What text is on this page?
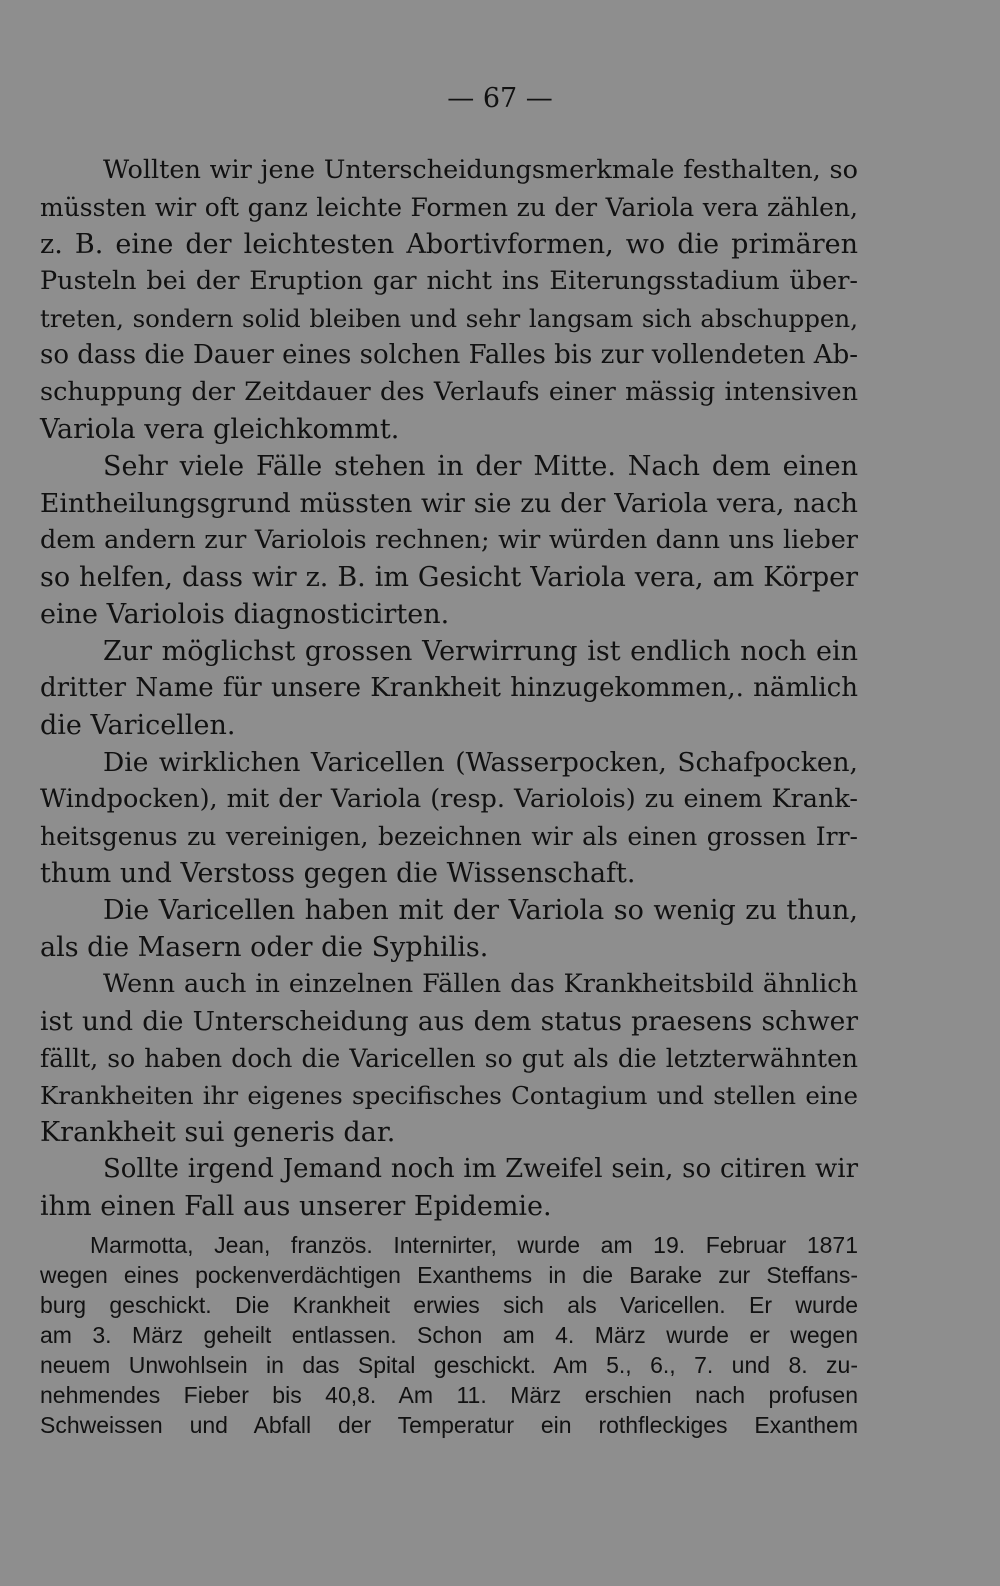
— 67 —
Wollten wir jene Unterscheidungsmerkmale festhalten, so
müssten wir oft ganz leichte Formen zu der Variola vera zählen,
z. B. eine der leichtesten Abortivformen, wo die primären
Pusteln bei der Eruption gar nicht ins Eiterungsstadium über-
treten, sondern solid bleiben und sehr langsam sich abschuppen,
so dass die Dauer eines solchen Falles bis zur vollendeten Ab-
schuppung der Zeitdauer des Verlaufs einer mässig intensiven
Variola vera gleichkommt.
Sehr viele Fälle stehen in der Mitte. Nach dem einen
Eintheilungsgrund müssten wir sie zu der Variola vera, nach
dem andern zur Variolois rechnen; wir würden dann uns lieber
so helfen, dass wir z. B. im Gesicht Variola vera, am Körper
eine Variolois diagnosticirten.
Zur möglichst grossen Verwirrung ist endlich noch ein
dritter Name für unsere Krankheit hinzugekommen,. nämlich
die Varicellen.
Die wirklichen Varicellen (Wasserpocken, Schafpocken,
Windpocken), mit der Variola (resp. Variolois) zu einem Krank-
heitsgenus zu vereinigen, bezeichnen wir als einen grossen Irr-
thum und Verstoss gegen die Wissenschaft.
Die Varicellen haben mit der Variola so wenig zu thun,
als die Masern oder die Syphilis.
Wenn auch in einzelnen Fällen das Krankheitsbild ähnlich
ist und die Unterscheidung aus dem status praesens schwer
fällt, so haben doch die Varicellen so gut als die letzterwähnten
Krankheiten ihr eigenes specifisches Contagium und stellen eine
Krankheit sui generis dar.
Sollte irgend Jemand noch im Zweifel sein, so citiren wir
ihm einen Fall aus unserer Epidemie.
Marmotta, Jean, französ. Internirter, wurde am 19. Februar 1871
wegen eines pockenverdächtigen Exanthems in die Barake zur Steffans-
burg geschickt. Die Krankheit erwies sich als Varicellen. Er wurde
am 3. März geheilt entlassen. Schon am 4. März wurde er wegen
neuem Unwohlsein in das Spital geschickt. Am 5., 6., 7. und 8. zu-
nehmendes Fieber bis 40,8. Am 11. März erschien nach profusen
Schweissen und Abfall der Temperatur ein rothfleckiges Exanthem
